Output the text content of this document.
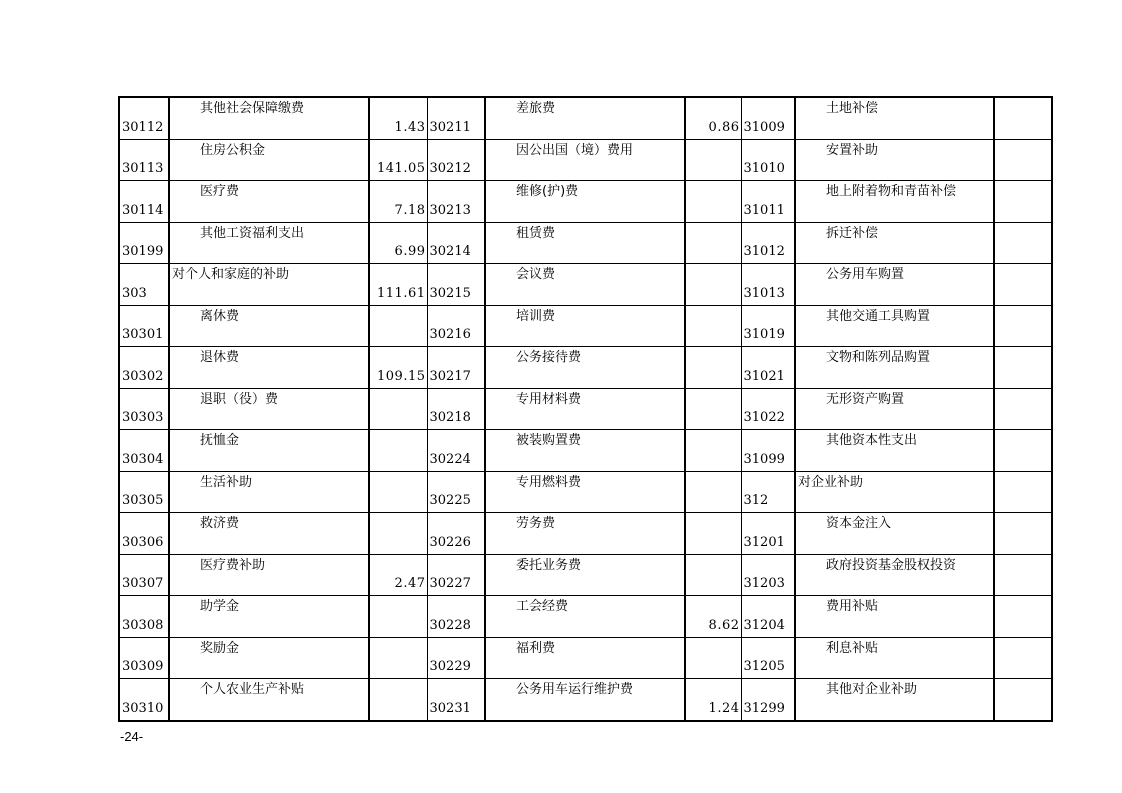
30112	其他社会保障缴费	1.43	30211	差旅费	0.86	31009	土地补偿	
30113	住房公积金	141.05	30212	因公出国（境）费用		31010	安置补助	
30114	医疗费	7.18	30213	维修(护)费		31011	地上附着物和青苗补偿	
30199	其他工资福利支出	6.99	30214	租赁费		31012	拆迁补偿	
303	对个人和家庭的补助	111.61	30215	会议费		31013	公务用车购置	
30301	离休费		30216	培训费		31019	其他交通工具购置	
30302	退休费	109.15	30217	公务接待费		31021	文物和陈列品购置	
30303	退职（役）费		30218	专用材料费		31022	无形资产购置	
30304	抚恤金		30224	被装购置费		31099	其他资本性支出	
30305	生活补助		30225	专用燃料费		312	对企业补助	
30306	救济费		30226	劳务费		31201	资本金注入	
30307	医疗费补助	2.47	30227	委托业务费		31203	政府投资基金股权投资	
30308	助学金		30228	工会经费	8.62	31204	费用补贴	
30309	奖励金		30229	福利费		31205	利息补贴	
30310	个人农业生产补贴		30231	公务用车运行维护费	1.24	31299	其他对企业补助	
-24-
